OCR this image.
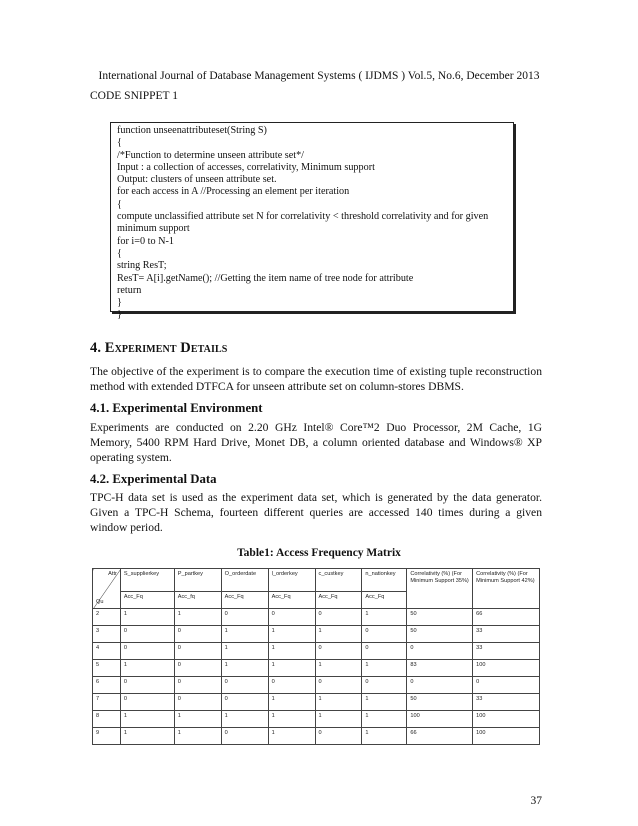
International Journal of Database Management Systems ( IJDMS ) Vol.5, No.6, December 2013
CODE SNIPPET 1
function unseenattributeset(String S)
{
/*Function to determine unseen attribute set*/
Input : a collection of accesses, correlativity, Minimum support
Output: clusters of unseen attribute set.
for each access in A //Processing an element per iteration
{
compute unclassified attribute set N for correlativity < threshold correlativity and for given minimum support
for i=0 to N-1
{
string ResT;
ResT= A[i].getName(); //Getting the item name of tree node for attribute
return
}
}
4. Experiment Details
The objective of the experiment is to compare the execution time of existing tuple reconstruction method with extended DTFCA for unseen attribute set on column-stores DBMS.
4.1. Experimental Environment
Experiments are conducted on 2.20 GHz Intel® Core™2 Duo Processor, 2M Cache, 1G Memory, 5400 RPM Hard Drive, Monet DB, a column oriented database and Windows® XP operating system.
4.2. Experimental Data
TPC-H data set is used as the experiment data set, which is generated by the data generator. Given a TPC-H Schema, fourteen different queries are accessed 140 times during a given window period.
Table1: Access Frequency Matrix
Attr
Qu	S_supplierkey	P_partkey	O_orderdate	l_orderkey	c_custkey	n_nationkey	Correlativity (%) (For Minimum Support 35%)	Correlativity (%) (For Minimum Support 42%)
	Acc_Fq	Acc_fq	Acc_Fq	Acc_Fq	Acc_Fq	Acc_Fq		
2	1	1	0	0	0	1	50	66
3	0	0	1	1	1	0	50	33
4	0	0	1	1	0	0	0	33
5	1	0	1	1	1	1	83	100
6	0	0	0	0	0	0	0	0
7	0	0	0	1	1	1	50	33
8	1	1	1	1	1	1	100	100
9	1	1	0	1	0	1	66	100
37
